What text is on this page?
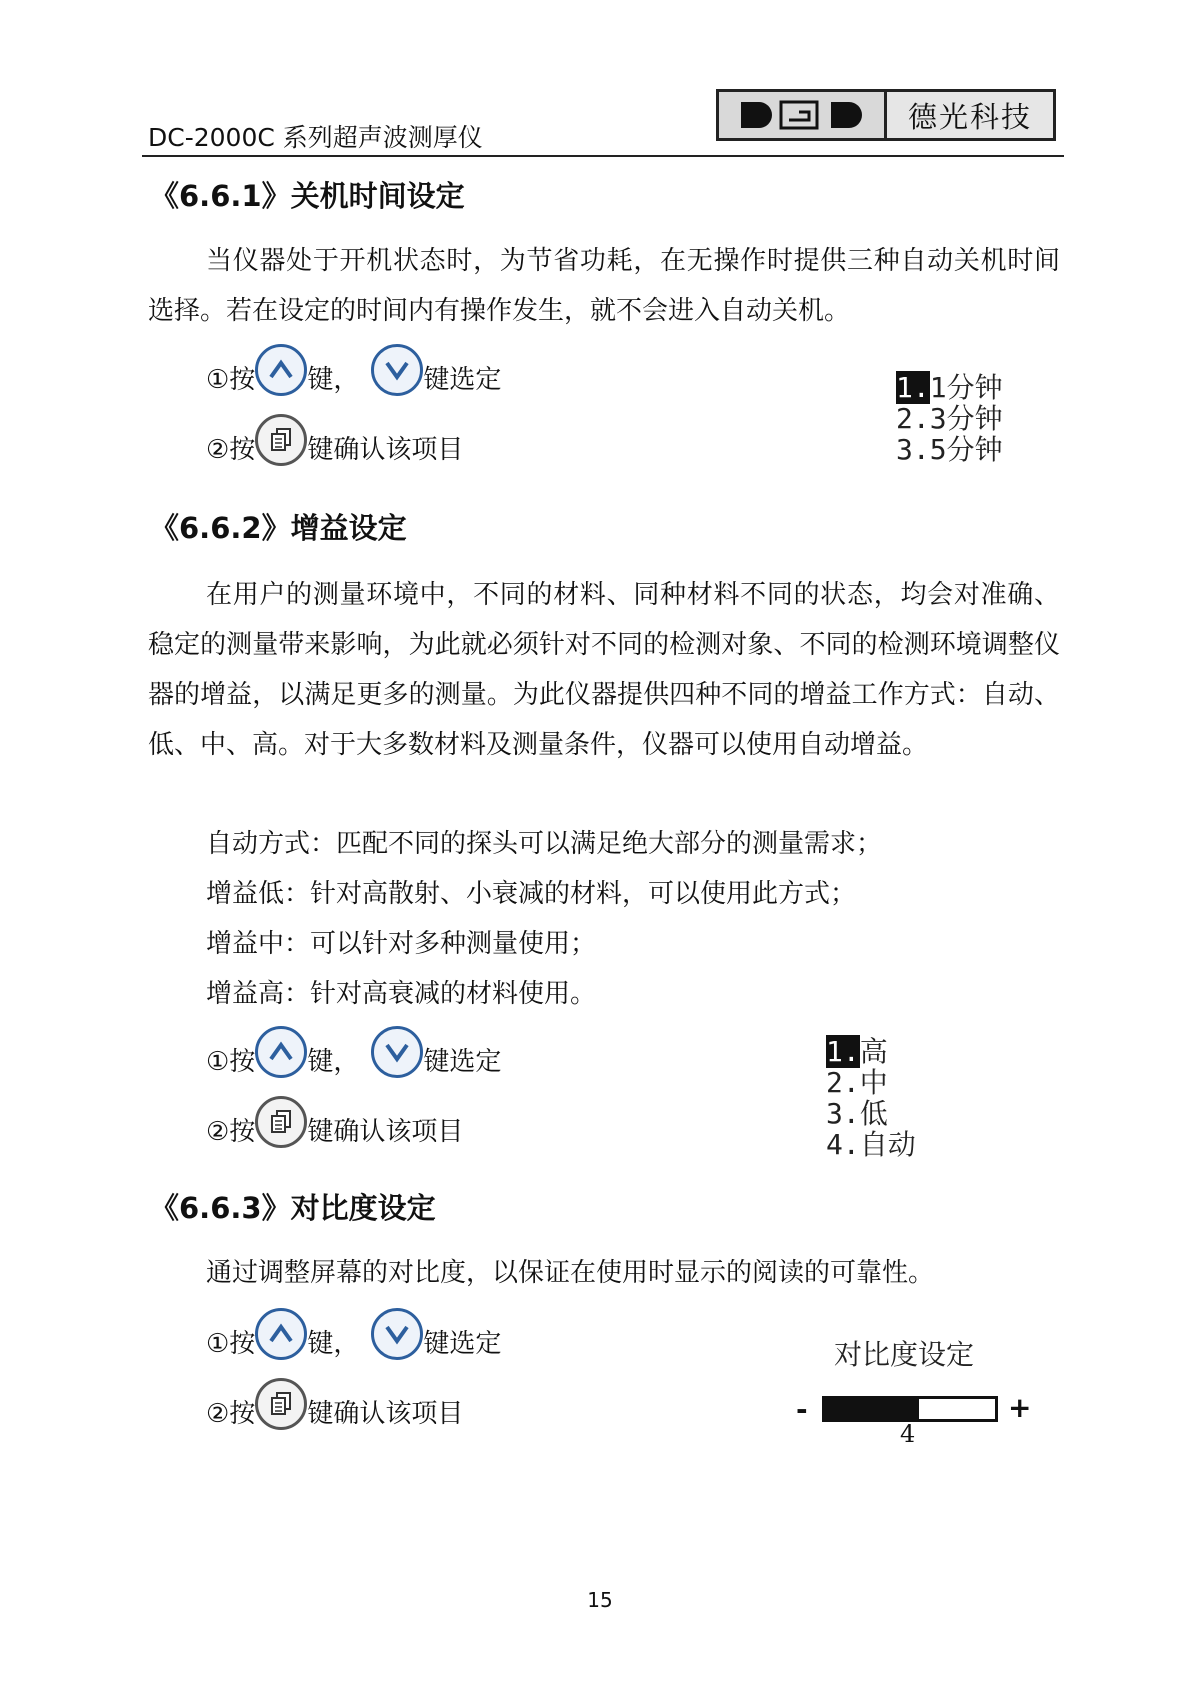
DC-2000C 系列超声波测厚仪
德光科技
《6.6.1》关机时间设定

当仪器处于开机状态时，为节省功耗，在无操作时提供三种自动关机时间选择。若在设定的时间内有操作发生，就不会进入自动关机。

①按 键， 键选定
②按 键确认该项目
1.1分钟
2.3分钟
3.5分钟
《6.6.2》增益设定

在用户的测量环境中，不同的材料、同种材料不同的状态，均会对准确、稳定的测量带来影响，为此就必须针对不同的检测对象、不同的检测环境调整仪器的增益，以满足更多的测量。为此仪器提供四种不同的增益工作方式：自动、低、中、高。对于大多数材料及测量条件，仪器可以使用自动增益。

自动方式：匹配不同的探头可以满足绝大部分的测量需求；

增益低：针对高散射、小衰减的材料，可以使用此方式；

增益中：可以针对多种测量使用；

增益高：针对高衰减的材料使用。

①按 键， 键选定
②按 键确认该项目
1.高
2.中
3.低
4.自动
《6.6.3》对比度设定

通过调整屏幕的对比度，以保证在使用时显示的阅读的可靠性。

①按 键， 键选定
②按 键确认该项目
对比度设定
-	+
4
15
